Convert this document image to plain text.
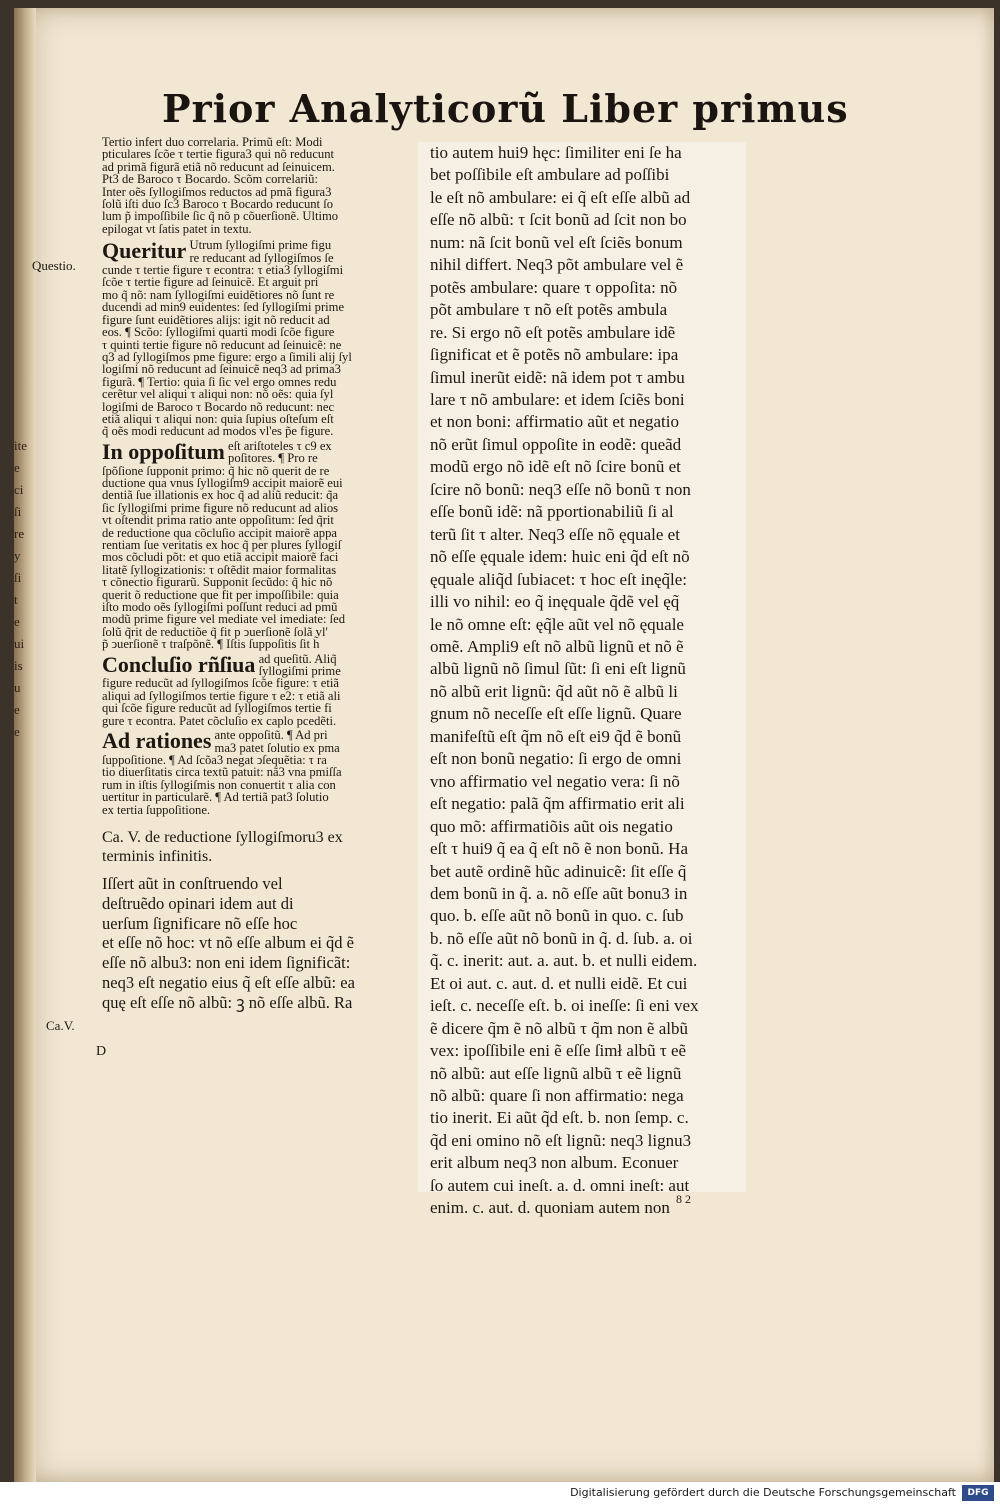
ite
e
ci
ſi
re
y
ſi
t
e
ui
is
u
e
e
Prior Analyticorũ Liber primus
Questio.
Ca.V.
D
Tertio infert duo correlaria. Primũ eſt: Modi
pticulares ſcõe τ tertie figura3 qui nõ reducunt
ad primã figurã etiã nõ reducunt ad ſeinuicem.
Pt3 de Baroco τ Bocardo. Scõm correlariũ:
Inter oẽs ſyllogiſmos reductos ad pmã figura3
ſolũ iſti duo ſc3 Baroco τ Bocardo reducunt ſo
lum p̃ impoſſibile ſic q̃ nõ p cõuerſionẽ. Ultimo
epilogat vt ſatis patet in textu.
Queritur Utrum ſyllogiſmi prime figu
re reducant ad ſyllogiſmos ſe
cunde τ tertie figure τ econtra: τ etia3 ſyllogiſmi
ſcõe τ tertie figure ad ſeinuicẽ. Et arguit pri
mo q̃ nõ: nam ſyllogiſmi euidẽtiores nõ ſunt re
ducendi ad min9 euidentes: ſed ſyllogiſmi prime
figure ſunt euidẽtiores alijs: igit nõ reducit ad
eos. ¶ Scõo: ſyllogiſmi quarti modi ſcõe figure
τ quinti tertie figure nõ reducunt ad ſeinuicẽ: ne
q3 ad ſyllogiſmos pme figure: ergo a ſimili alij ſyl
logiſmi nõ reducunt ad ſeinuicẽ neq3 ad prima3
figurã. ¶ Tertio: quia ſi ſic vel ergo omnes redu
cerẽtur vel aliqui τ aliqui non: nõ oẽs: quia ſyl
logiſmi de Baroco τ Bocardo nõ reducunt: nec
etiã aliqui τ aliqui non: quia ſupius oſteſum eſt
q̃ oẽs modi reducunt ad modos vl'es p̃e figure.
In oppoſitum eſt ariſtoteles τ c9 ex
poſitores. ¶ Pro re
ſpõſione ſupponit primo: q̃ hic nõ querit de re
ductione qua vnus ſyllogiſm9 accipit maiorẽ eui
dentiã ſue illationis ex hoc q̃ ad aliũ reducit: q̃a
ſic ſyllogiſmi prime figure nõ reducunt ad alios
vt oſtendit prima ratio ante oppoſitum: ſed q̃rit
de reductione qua cõcluſio accipit maiorẽ appa
rentiam ſue veritatis ex hoc q̃ per plures ſyllogiſ
mos cõcludi põt: et quo etiã accipit maiorẽ faci
litatẽ ſyllogizationis: τ oſtẽdit maior formalitas
τ cõnectio figurarũ. Supponit ſecũdo: q̃ hic nõ
querit õ reductione que fit per impoſſibile: quia
iſto modo oẽs ſyllogiſmi poſſunt reduci ad pmũ
modũ prime figure vel mediate vel imediate: ſed
ſolũ q̃rit de reductiõe q̃ fit p ↄuerſionẽ ſolã vl'
p̃ ↄuerſionẽ τ traſpõnẽ. ¶ Iſtis ſuppoſitis ſit h̃
Concluſio rñſiua ad queſitũ. Aliq̃
ſyllogiſmi prime
figure reducũt ad ſyllogiſmos ſcõe figure: τ etiã
aliqui ad ſyllogiſmos tertie figure τ e2: τ etiã ali
qui ſcõe figure reducũt ad ſyllogiſmos tertie fi
gure τ econtra. Patet cõcluſio ex caplo pcedẽti.
Ad rationes ante oppoſitũ. ¶ Ad pri
ma3 patet ſolutio ex pma
ſuppoſitione. ¶ Ad ſcõa3 negat ↄſequẽtia: τ ra
tio diuerſitatis circa textũ patuit: nã3 vna pmiſſa
rum in iſtis ſyllogiſmis non conuertit τ alia con
uertitur in particularẽ. ¶ Ad tertiã pat3 ſolutio
ex tertia ſuppoſitione.
Ca. V. de reductione ſyllogiſmoru3 ex
terminis infinitis.
Iſſert aũt in conſtruendo vel
deſtruẽdo opinari idem aut di
uerſum ſignificare nõ eſſe hoc
et eſſe nõ hoc: vt nõ eſſe album ei q̃d ẽ
eſſe nõ albu3: non eni idem ſignificãt:
neq3 eſt negatio eius q̃ eſt eſſe albũ: ea
quę eſt eſſe nõ albũ: ꝫ nõ eſſe albũ. Ra
tio autem hui9 hęc: ſimiliter eni ſe ha
bet poſſibile eſt ambulare ad poſſibi
le eſt nõ ambulare: ei q̃ eſt eſſe albũ ad
eſſe nõ albũ: τ ſcit bonũ ad ſcit non bo
num: nã ſcit bonũ vel eſt ſciẽs bonum
nihil differt. Neq3 põt ambulare vel ẽ
potẽs ambulare: quare τ oppoſita: nõ
põt ambulare τ nõ eſt potẽs ambula
re. Si ergo nõ eſt potẽs ambulare idẽ
ſignificat et ẽ potẽs nõ ambulare: ipa
ſimul inerũt eidẽ: nã idem pot τ ambu
lare τ nõ ambulare: et idem ſciẽs boni
et non boni: affirmatio aũt et negatio
nõ erũt ſimul oppoſite in eodẽ: queãd
modũ ergo nõ idẽ eſt nõ ſcire bonũ et
ſcire nõ bonũ: neq3 eſſe nõ bonũ τ non
eſſe bonũ idẽ: nã pportionabiliũ ſi al
terũ ſit τ alter. Neq3 eſſe nõ ęquale et
nõ eſſe ęquale idem: huic eni q̃d eſt nõ
ęquale aliq̃d ſubiacet: τ hoc eſt inęq̃le:
illi vo nihil: eo q̃ inęquale q̃dẽ vel ęq̃
le nõ omne eſt: ęq̃le aũt vel nõ ęquale
omẽ. Ampli9 eſt nõ albũ lignũ et nõ ẽ
albũ lignũ nõ ſimul ſũt: ſi eni eſt lignũ
nõ albũ erit lignũ: q̃d aũt nõ ẽ albũ li
gnum nõ neceſſe eſt eſſe lignũ. Quare
manifeſtũ eſt q̃m nõ eſt ei9 q̃d ẽ bonũ
eſt non bonũ negatio: ſi ergo de omni
vno affirmatio vel negatio vera: ſi nõ
eſt negatio: palã q̃m affirmatio erit ali
quo mõ: affirmatiõis aũt ois negatio
eſt τ hui9 q̃ ea q̃ eſt nõ ẽ non bonũ. Ha
bet autẽ ordinẽ hũc adinuicẽ: ſit eſſe q̃
dem bonũ in q̃. a. nõ eſſe aũt bonu3 in
quo. b. eſſe aũt nõ bonũ in quo. c. ſub
b. nõ eſſe aũt nõ bonũ in q̃. d. ſub. a. oi
q̃. c. inerit: aut. a. aut. b. et nulli eidem.
Et oi aut. c. aut. d. et nulli eidẽ. Et cui
ieſt. c. neceſſe eſt. b. oi ineſſe: ſi eni vex
ẽ dicere q̃m ẽ nõ albũ τ q̃m non ẽ albũ
vex: ipoſſibile eni ẽ eſſe ſimł albũ τ eẽ
nõ albũ: aut eſſe lignũ albũ τ eẽ lignũ
nõ albũ: quare ſi non affirmatio: nega
tio inerit. Ei aũt q̃d eſt. b. non ſemp. c.
q̃d eni omino nõ eſt lignũ: neq3 lignu3
erit album neq3 non album. Econuer
ſo autem cui ineſt. a. d. omni ineſt: aut
enim. c. aut. d. quoniam autem non 8 2
Digitalisierung gefördert durch die Deutsche Forschungsgemeinschaft	DFG
